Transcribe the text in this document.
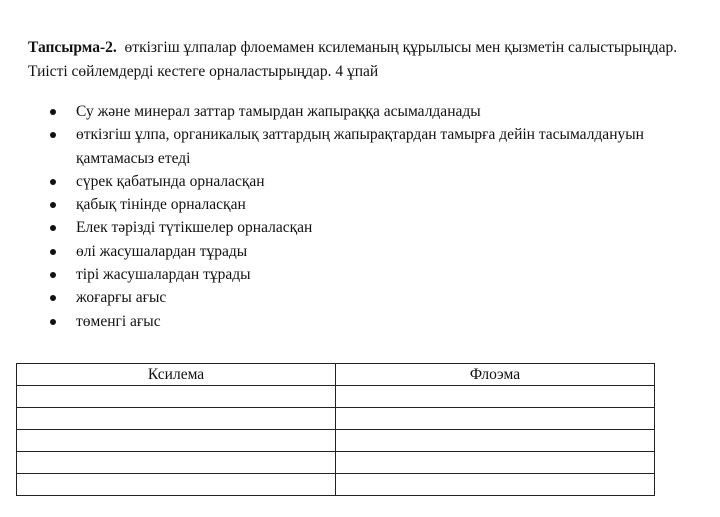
Тапсырма-2. өткізгіш ұлпалар флоемамен ксилеманың құрылысы мен қызметін салыстырыңдар. Тиісті сөйлемдерді кестеге орналастырыңдар. 4 ұпай
Су және минерал заттар тамырдан жапыраққа асымалданады
өткізгіш ұлпа, органикалық заттардың жапырақтардан тамырға дейін тасымалдануын қамтамасыз етеді
сүрек қабатында орналасқан
қабық тінінде орналасқан
Елек тәрізді түтікшелер орналасқан
өлі жасушалардан тұрады
тірі жасушалардан тұрады
жоғарғы ағыс
төменгі ағыс
Ксилема	Флоэма
